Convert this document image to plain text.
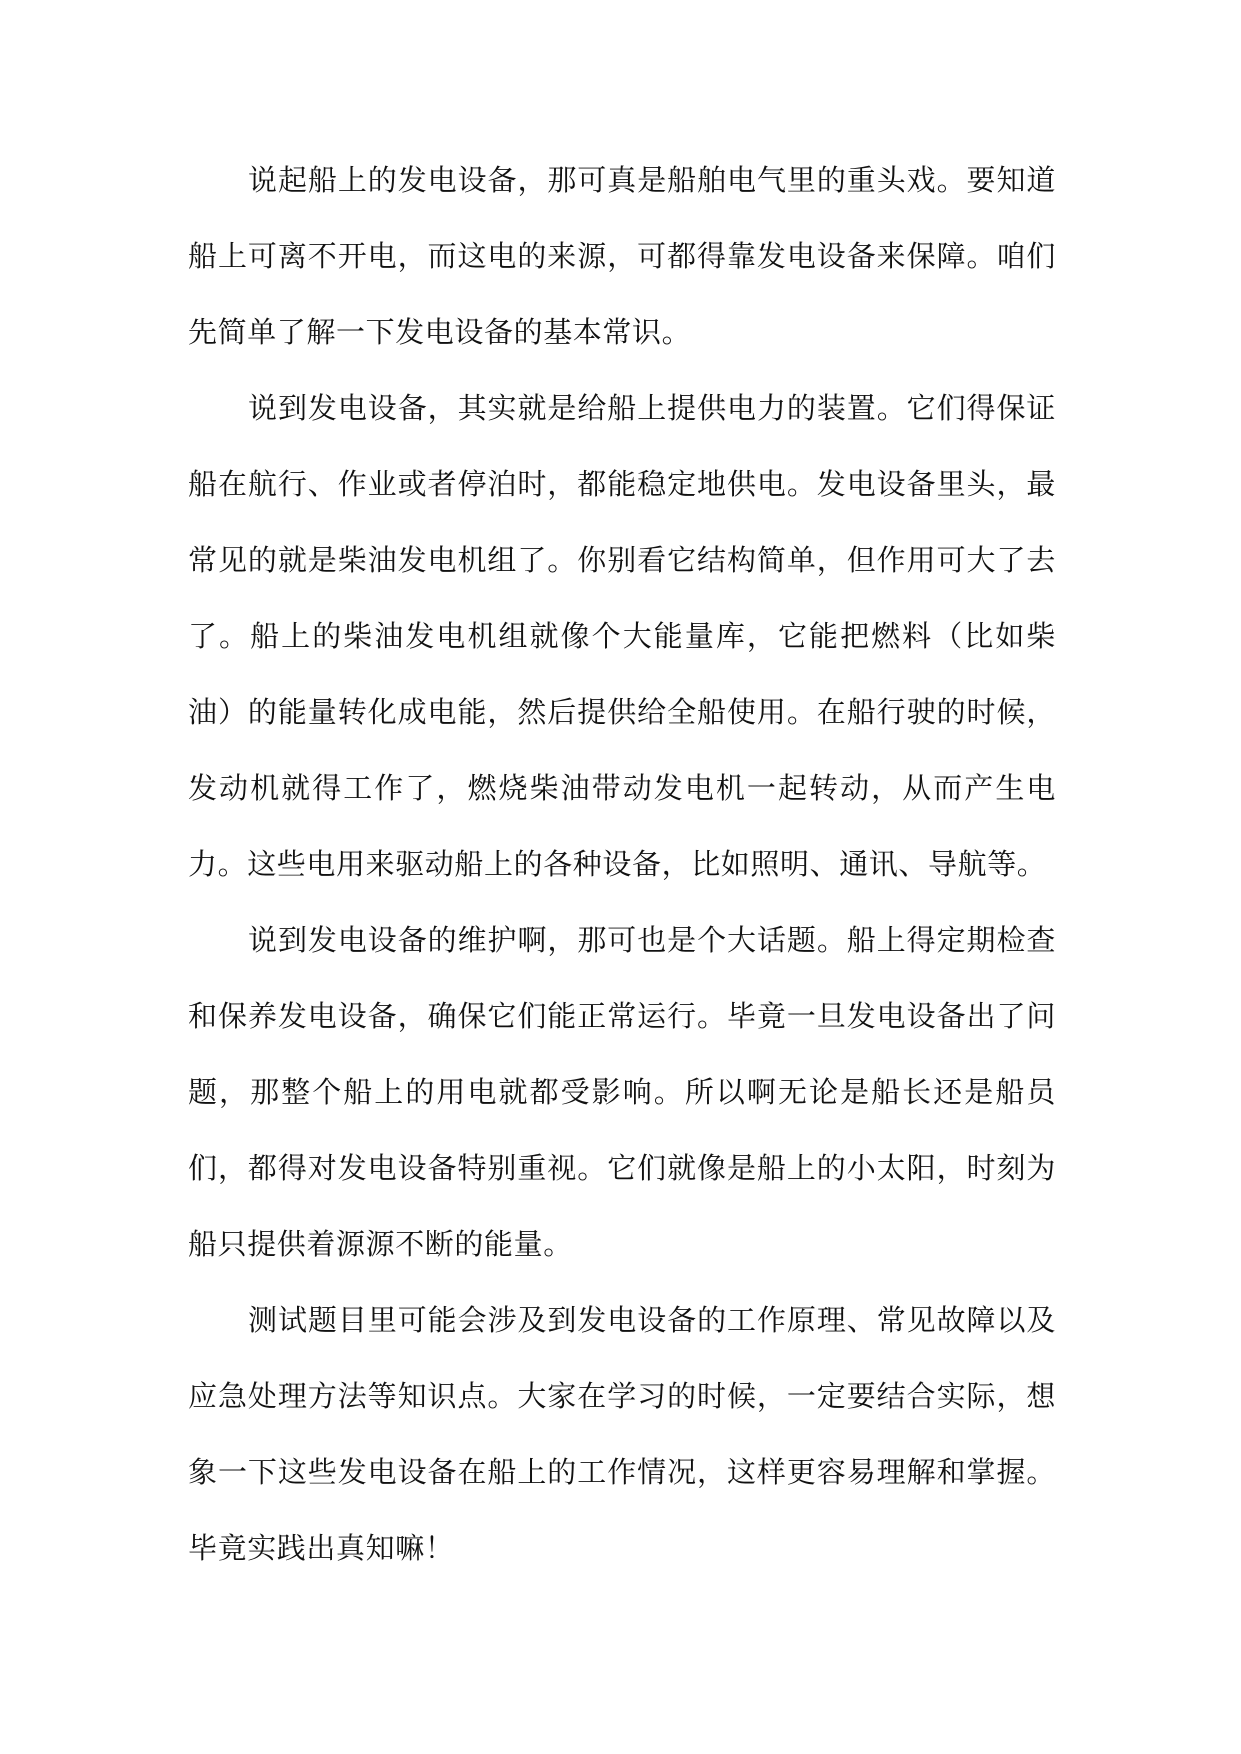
说起船上的发电设备，那可真是船舶电气里的重头戏。要知道船上可离不开电，而这电的来源，可都得靠发电设备来保障。咱们先简单了解一下发电设备的基本常识。

说到发电设备，其实就是给船上提供电力的装置。它们得保证船在航行、作业或者停泊时，都能稳定地供电。发电设备里头，最常见的就是柴油发电机组了。你别看它结构简单，但作用可大了去了。船上的柴油发电机组就像个大能量库，它能把燃料（比如柴油）的能量转化成电能，然后提供给全船使用。在船行驶的时候，发动机就得工作了，燃烧柴油带动发电机一起转动，从而产生电力。这些电用来驱动船上的各种设备，比如照明、通讯、导航等。

说到发电设备的维护啊，那可也是个大话题。船上得定期检查和保养发电设备，确保它们能正常运行。毕竟一旦发电设备出了问题，那整个船上的用电就都受影响。所以啊无论是船长还是船员们，都得对发电设备特别重视。它们就像是船上的小太阳，时刻为船只提供着源源不断的能量。

测试题目里可能会涉及到发电设备的工作原理、常见故障以及应急处理方法等知识点。大家在学习的时候，一定要结合实际，想象一下这些发电设备在船上的工作情况，这样更容易理解和掌握。毕竟实践出真知嘛！
